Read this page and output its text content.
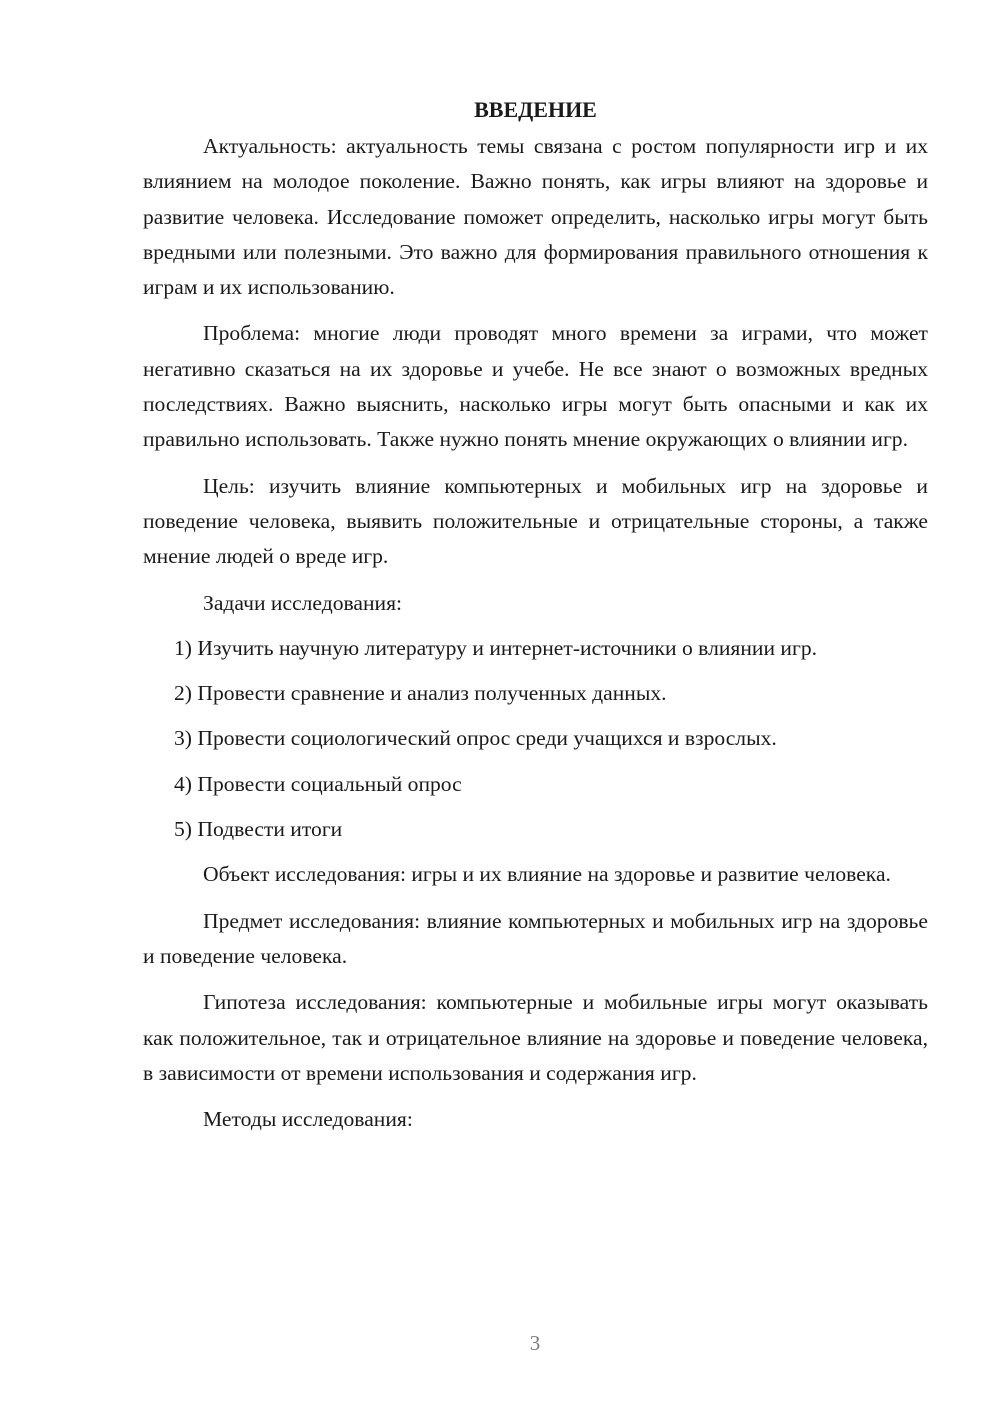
ВВЕДЕНИЕ

Актуальность: актуальность темы связана с ростом популярности игр и их влиянием на молодое поколение. Важно понять, как игры влияют на здоровье и развитие человека. Исследование поможет определить, насколько игры могут быть вредными или полезными. Это важно для формирования правильного отношения к играм и их использованию.

Проблема: многие люди проводят много времени за играми, что может негативно сказаться на их здоровье и учебе. Не все знают о возможных вредных последствиях. Важно выяснить, насколько игры могут быть опасными и как их правильно использовать. Также нужно понять мнение окружающих о влиянии игр.

Цель: изучить влияние компьютерных и мобильных игр на здоровье и поведение человека, выявить положительные и отрицательные стороны, а также мнение людей о вреде игр.

Задачи исследования:

1) Изучить научную литературу и интернет-источники о влиянии игр.
2) Провести сравнение и анализ полученных данных.
3) Провести социологический опрос среди учащихся и взрослых.
4) Провести социальный опрос
5) Подвести итоги

Объект исследования: игры и их влияние на здоровье и развитие человека.

Предмет исследования: влияние компьютерных и мобильных игр на здоровье и поведение человека.

Гипотеза исследования: компьютерные и мобильные игры могут оказывать как положительное, так и отрицательное влияние на здоровье и поведение человека, в зависимости от времени использования и содержания игр.

Методы исследования:

3
